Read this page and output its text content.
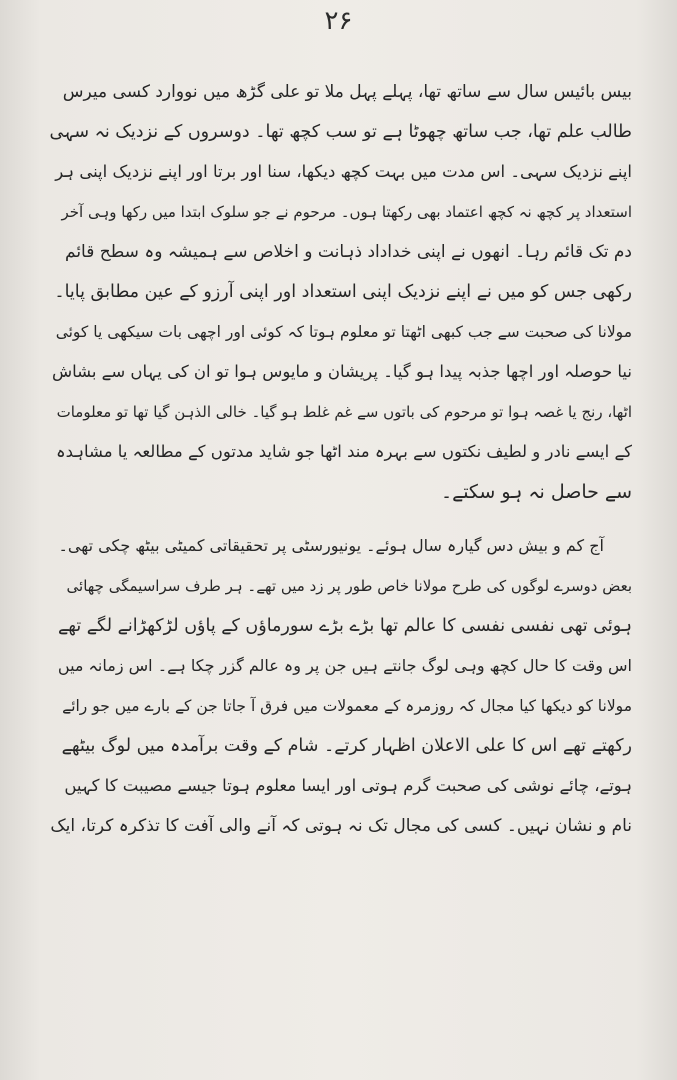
۲۶
بیس بائیس سال سے ساتھ تھا، پہلے پہل ملا تو علی گڑھ میں نووارد کسی میرس
طالب علم تھا، جب ساتھ چھوٹا ہے تو سب کچھ تھا۔ دوسروں کے نزدیک نہ سہی
اپنے نزدیک سہی۔ اس مدت میں بہت کچھ دیکھا، سنا اور برتا اور اپنے نزدیک اپنی ہر
استعداد پر کچھ نہ کچھ اعتماد بھی رکھتا ہوں۔ مرحوم نے جو سلوک ابتدا میں رکھا وہی آخر
دم تک قائم رہا۔ انھوں نے اپنی خداداد ذہانت و اخلاص سے ہمیشہ وہ سطح قائم
رکھی جس کو میں نے اپنے نزدیک اپنی استعداد اور اپنی آرزو کے عین مطابق پایا۔
مولانا کی صحبت سے جب کبھی اٹھتا تو معلوم ہوتا کہ کوئی اور اچھی بات سیکھی یا کوئی
نیا حوصلہ اور اچھا جذبہ پیدا ہو گیا۔ پریشان و مایوس ہوا تو ان کی یہاں سے بشاش
اٹھا، رنج یا غصہ ہوا تو مرحوم کی باتوں سے غم غلط ہو گیا۔ خالی الذہن گیا تھا تو معلومات
کے ایسے نادر و لطیف نکتوں سے بہرہ مند اٹھا جو شاید مدتوں کے مطالعہ یا مشاہدہ
سے حاصل نہ ہو سکتے۔
آج کم و بیش دس گیارہ سال ہوئے۔ یونیورسٹی پر تحقیقاتی کمیٹی بیٹھ چکی تھی۔
بعض دوسرے لوگوں کی طرح مولانا خاص طور پر زد میں تھے۔ ہر طرف سراسیمگی چھائی
ہوئی تھی نفسی نفسی کا عالم تھا بڑے بڑے سورماؤں کے پاؤں لڑکھڑانے لگے تھے
اس وقت کا حال کچھ وہی لوگ جانتے ہیں جن پر وہ عالم گزر چکا ہے۔ اس زمانہ میں
مولانا کو دیکھا کیا مجال کہ روزمرہ کے معمولات میں فرق آ جاتا جن کے بارے میں جو رائے
رکھتے تھے اس کا علی الاعلان اظہار کرتے۔ شام کے وقت برآمدہ میں لوگ بیٹھے
ہوتے، چائے نوشی کی صحبت گرم ہوتی اور ایسا معلوم ہوتا جیسے مصیبت کا کہیں
نام و نشان نہیں۔ کسی کی مجال تک نہ ہوتی کہ آنے والی آفت کا تذکرہ کرتا، ایک
